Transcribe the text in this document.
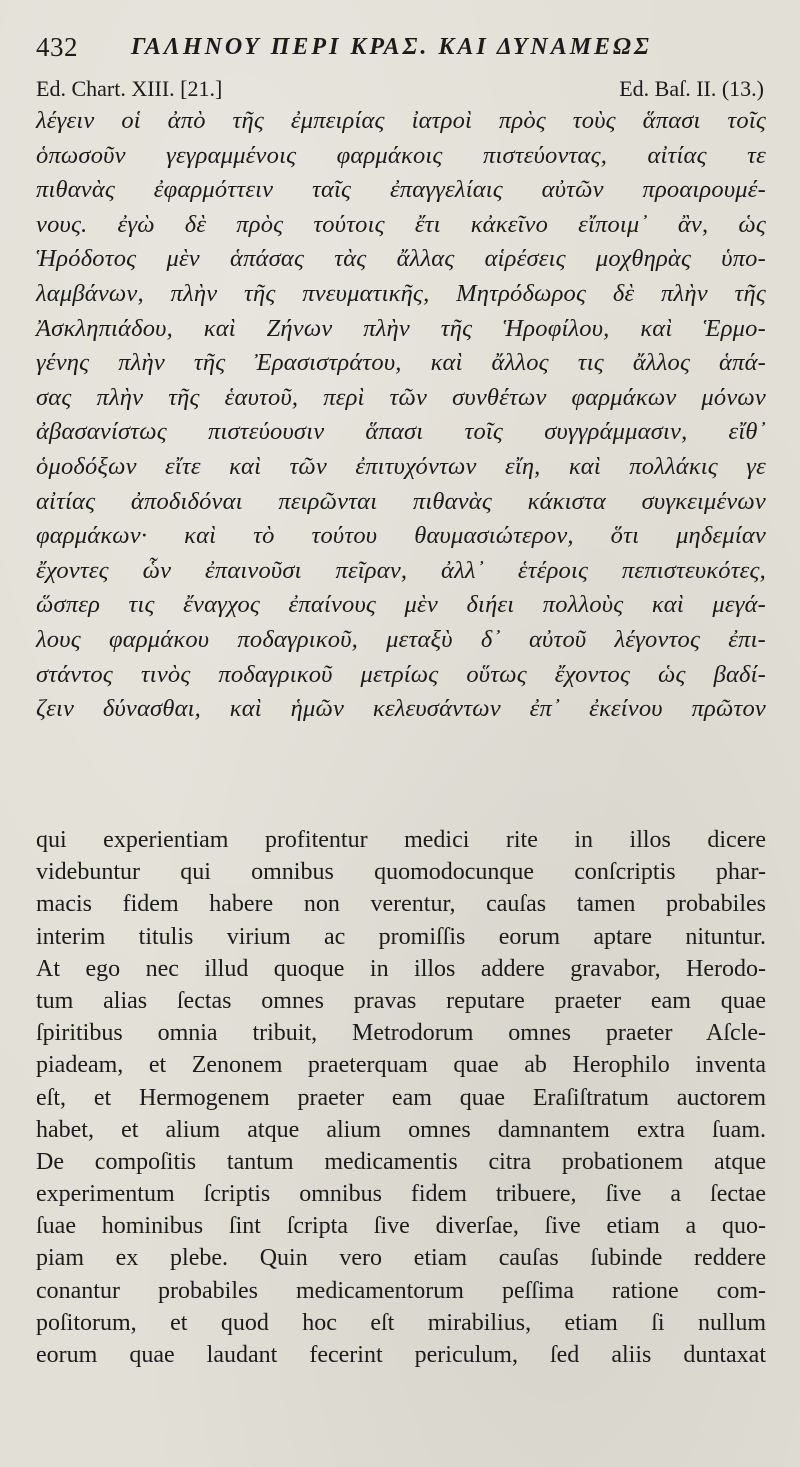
432 ΓΑΛΗΝΟΥ ΠΕΡΙ ΚΡΑΣ. ΚΑΙ ΔΥΝΑΜΕΩΣ
Ed. Chart. XIII. [21.]	Ed. Baſ. II. (13.)
λέγειν οἱ ἀπὸ τῆς ἐμπειρίας ἰατροὶ πρὸς τοὺς ἅπασι τοῖς
ὁπωσοῦν γεγραμμένοις φαρμάκοις πιστεύοντας, αἰτίας τε
πιθανὰς ἐφαρμόττειν ταῖς ἐπαγγελίαις αὐτῶν προαιρουμέ-
νους. ἐγὼ δὲ πρὸς τούτοις ἔτι κἀκεῖνο εἴποιμ᾽ ἂν, ὡς
Ἡρόδοτος μὲν ἁπάσας τὰς ἄλλας αἱρέσεις μοχθηρὰς ὑπο-
λαμβάνων, πλὴν τῆς πνευματικῆς, Μητρόδωρος δὲ πλὴν τῆς
Ἀσκληπιάδου, καὶ Ζήνων πλὴν τῆς Ἡροφίλου, καὶ Ἑρμο-
γένης πλὴν τῆς Ἐρασιστράτου, καὶ ἄλλος τις ἄλλος ἁπά-
σας πλὴν τῆς ἑαυτοῦ, περὶ τῶν συνθέτων φαρμάκων μόνων
ἀβασανίστως πιστεύουσιν ἅπασι τοῖς συγγράμμασιν, εἴθ᾽
ὁμοδόξων εἴτε καὶ τῶν ἐπιτυχόντων εἴη, καὶ πολλάκις γε
αἰτίας ἀποδιδόναι πειρῶνται πιθανὰς κάκιστα συγκειμένων
φαρμάκων· καὶ τὸ τούτου θαυμασιώτερον, ὅτι μηδεμίαν
ἔχοντες ὧν ἐπαινοῦσι πεῖραν, ἀλλ᾽ ἑτέροις πεπιστευκότες,
ὥσπερ τις ἔναγχος ἐπαίνους μὲν διήει πολλοὺς καὶ μεγά-
λους φαρμάκου ποδαγρικοῦ, μεταξὺ δ᾽ αὐτοῦ λέγοντος ἐπι-
στάντος τινὸς ποδαγρικοῦ μετρίως οὕτως ἔχοντος ὡς βαδί-
ζειν δύνασθαι, καὶ ἡμῶν κελευσάντων ἐπ᾽ ἐκείνου πρῶτον
qui experientiam profitentur medici rite in illos dicere
videbuntur qui omnibus quomodocunque conſcriptis phar-
macis fidem habere non verentur, cauſas tamen probabiles
interim titulis virium ac promiſſis eorum aptare nituntur.
At ego nec illud quoque in illos addere gravabor, Herodo-
tum alias ſectas omnes pravas reputare praeter eam quae
ſpiritibus omnia tribuit, Metrodorum omnes praeter Aſcle-
piadeam, et Zenonem praeterquam quae ab Herophilo inventa
eſt, et Hermogenem praeter eam quae Eraſiſtratum auctorem
habet, et alium atque alium omnes damnantem extra ſuam.
De compoſitis tantum medicamentis citra probationem atque
experimentum ſcriptis omnibus fidem tribuere, ſive a ſectae
ſuae hominibus ſint ſcripta ſive diverſae, ſive etiam a quo-
piam ex plebe. Quin vero etiam cauſas ſubinde reddere
conantur probabiles medicamentorum peſſima ratione com-
poſitorum, et quod hoc eſt mirabilius, etiam ſi nullum
eorum quae laudant fecerint periculum, ſed aliis duntaxat
